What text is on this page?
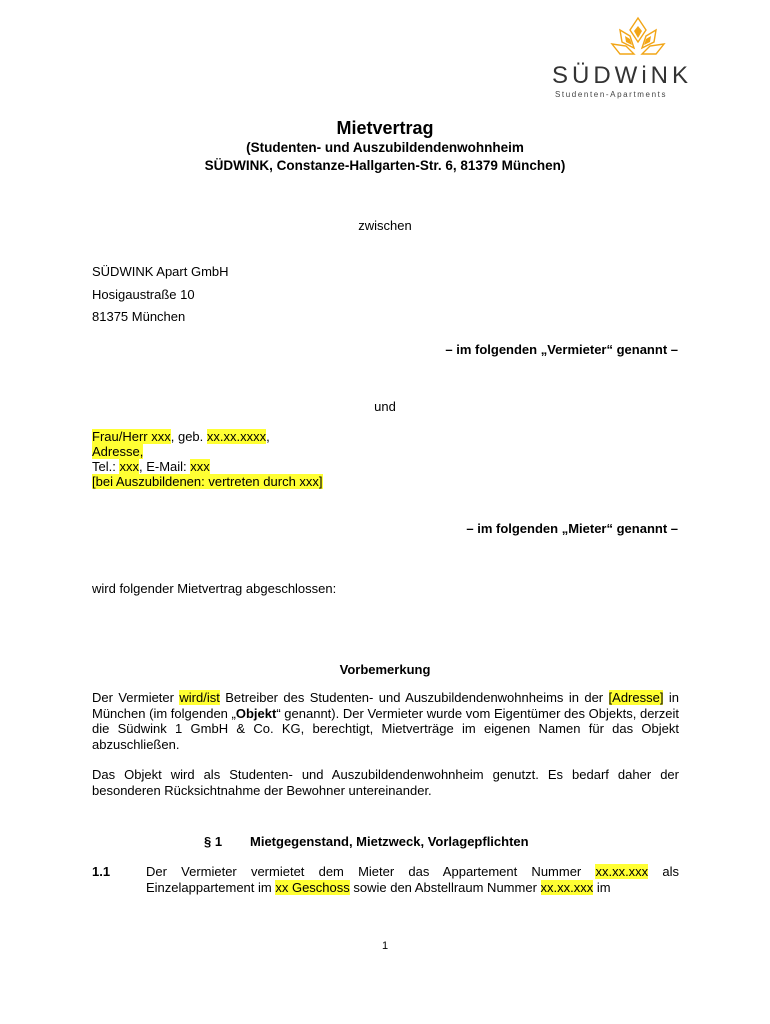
SÜDWiNK
Studenten-Apartments
Mietvertrag
(Studenten- und Auszubildendenwohnheim
SÜDWINK, Constanze-Hallgarten-Str. 6, 81379 München)
zwischen
SÜDWINK Apart GmbH
Hosigaustraße 10
81375 München
– im folgenden „Vermieter“ genannt –
und
Frau/Herr xxx, geb. xx.xx.xxxx,
Adresse,
Tel.: xxx, E-Mail: xxx
[bei Auszubildenen: vertreten durch xxx]
– im folgenden „Mieter“ genannt –
wird folgender Mietvertrag abgeschlossen:
Vorbemerkung
Der Vermieter wird/ist Betreiber des Studenten- und Auszubildendenwohnheims in der [Adresse] in München (im folgenden „Objekt“ genannt). Der Vermieter wurde vom Eigentümer des Objekts, derzeit die Südwink 1 GmbH & Co. KG, berechtigt, Mietverträge im eigenen Namen für das Objekt abzuschließen.
Das Objekt wird als Studenten- und Auszubildendenwohnheim genutzt. Es bedarf daher der besonderen Rücksichtnahme der Bewohner untereinander.
§ 1 Mietgegenstand, Mietzweck, Vorlagepflichten
1.1	Der Vermieter vermietet dem Mieter das Appartement Nummer xx.xx.xxx als Einzelappartement im xx Geschoss sowie den Abstellraum Nummer xx.xx.xxx im
1
